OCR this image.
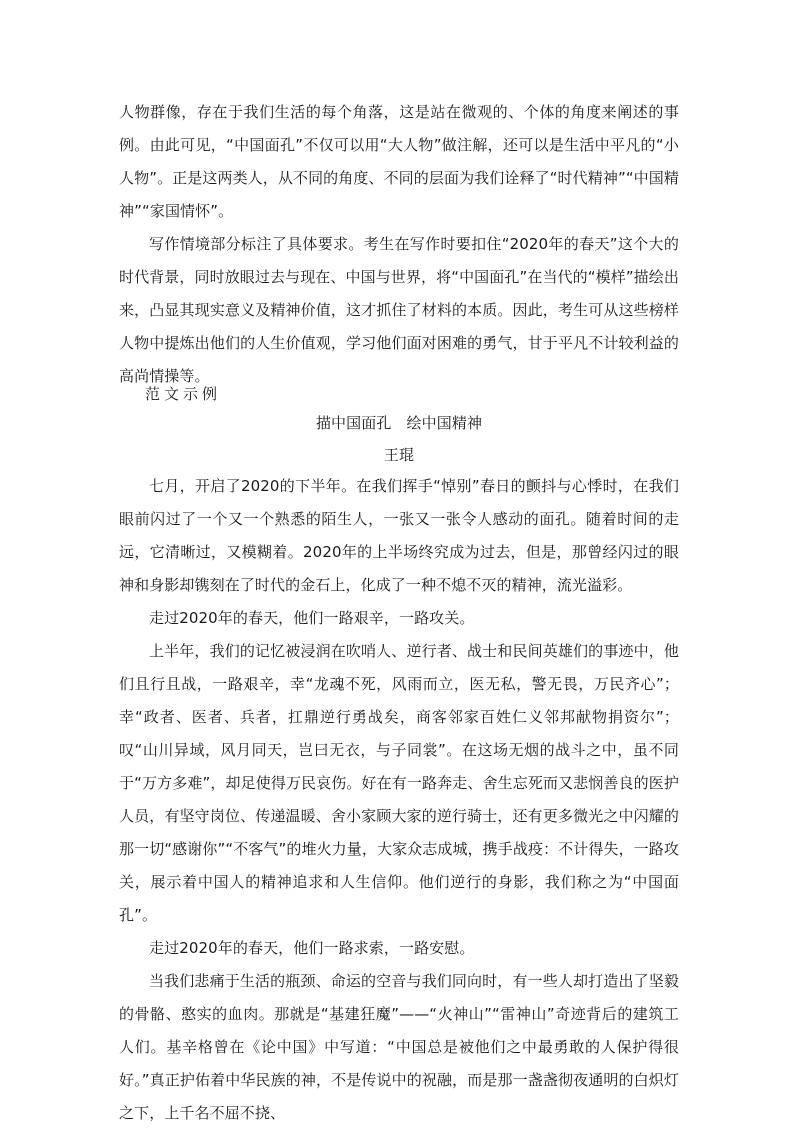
人物群像，存在于我们生活的每个角落，这是站在微观的、个体的角度来阐述的事例。由此可见，“中国面孔”不仅可以用“大人物”做注解，还可以是生活中平凡的“小人物”。正是这两类人，从不同的角度、不同的层面为我们诠释了“时代精神”“中国精神”“家国情怀”。

写作情境部分标注了具体要求。考生在写作时要扣住“2020年的春天”这个大的时代背景，同时放眼过去与现在、中国与世界，将“中国面孔”在当代的“模样”描绘出来，凸显其现实意义及精神价值，这才抓住了材料的本质。因此，考生可从这些榜样人物中提炼出他们的人生价值观，学习他们面对困难的勇气，甘于平凡不计较利益的高尚情操等。

范文示例

描中国面孔　绘中国精神

王琨

七月，开启了2020的下半年。在我们挥手“悼别”春日的颤抖与心悸时，在我们眼前闪过了一个又一个熟悉的陌生人，一张又一张令人感动的面孔。随着时间的走远，它清晰过，又模糊着。2020年的上半场终究成为过去，但是，那曾经闪过的眼神和身影却镌刻在了时代的金石上，化成了一种不熄不灭的精神，流光溢彩。

走过2020年的春天，他们一路艰辛，一路攻关。

上半年，我们的记忆被浸润在吹哨人、逆行者、战士和民间英雄们的事迹中，他们且行且战，一路艰辛，幸“龙魂不死，风雨而立，医无私，警无畏，万民齐心”；幸“政者、医者、兵者，扛鼎逆行勇战矣，商客邻家百姓仁义邻邦献物捐资尔”；叹“山川异域，风月同天，岂曰无衣，与子同裳”。在这场无烟的战斗之中，虽不同于“万方多难”，却足使得万民哀伤。好在有一路奔走、舍生忘死而又悲悯善良的医护人员，有坚守岗位、传递温暖、舍小家顾大家的逆行骑士，还有更多微光之中闪耀的那一切“感谢你”“不客气”的堆火力量，大家众志成城，携手战疫：不计得失，一路攻关，展示着中国人的精神追求和人生信仰。他们逆行的身影，我们称之为“中国面孔”。

走过2020年的春天，他们一路求索，一路安慰。

当我们悲痛于生活的瓶颈、命运的空音与我们同向时，有一些人却打造出了坚毅的骨骼、憨实的血肉。那就是“基建狂魔”——“火神山”“雷神山”奇迹背后的建筑工人们。基辛格曾在《论中国》中写道：“中国总是被他们之中最勇敢的人保护得很好。”真正护佑着中华民族的神，不是传说中的祝融，而是那一盏盏彻夜通明的白炽灯之下，上千名不屈不挠、
